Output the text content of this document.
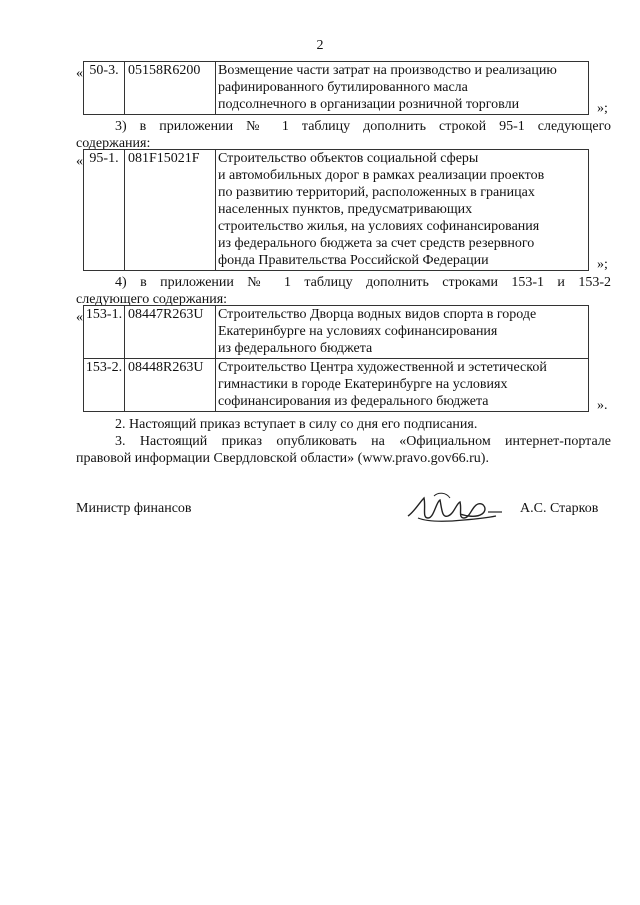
2
« 50-3.	05158R6200	Возмещение части затрат на производство и реализацию
рафинированного бутилированного масла
подсолнечного в организации розничной торговли	»;
3) в приложении № 1 таблицу дополнить строкой 95-1 следующего
содержания:
« 95-1.	081F15021F	Строительство объектов социальной сферы
и автомобильных дорог в рамках реализации проектов
по развитию территорий, расположенных в границах
населенных пунктов, предусматривающих
строительство жилья, на условиях софинансирования
из федерального бюджета за счет средств резервного
фонда Правительства Российской Федерации	»;
4) в приложении № 1 таблицу дополнить строками 153-1 и 153-2
следующего содержания:
« 153-1.	08447R263U	Строительство Дворца водных видов спорта в городе
Екатеринбурге на условиях софинансирования
из федерального бюджета

153-2.	08448R263U	Строительство Центра художественной и эстетической
гимнастики в городе Екатеринбурге на условиях
софинансирования из федерального бюджета	».
2. Настоящий приказ вступает в силу со дня его подписания.
3. Настоящий приказ опубликовать на «Официальном интернет-портале
правовой информации Свердловской области» (www.pravo.gov66.ru).
Министр финансов	А.С. Старков
